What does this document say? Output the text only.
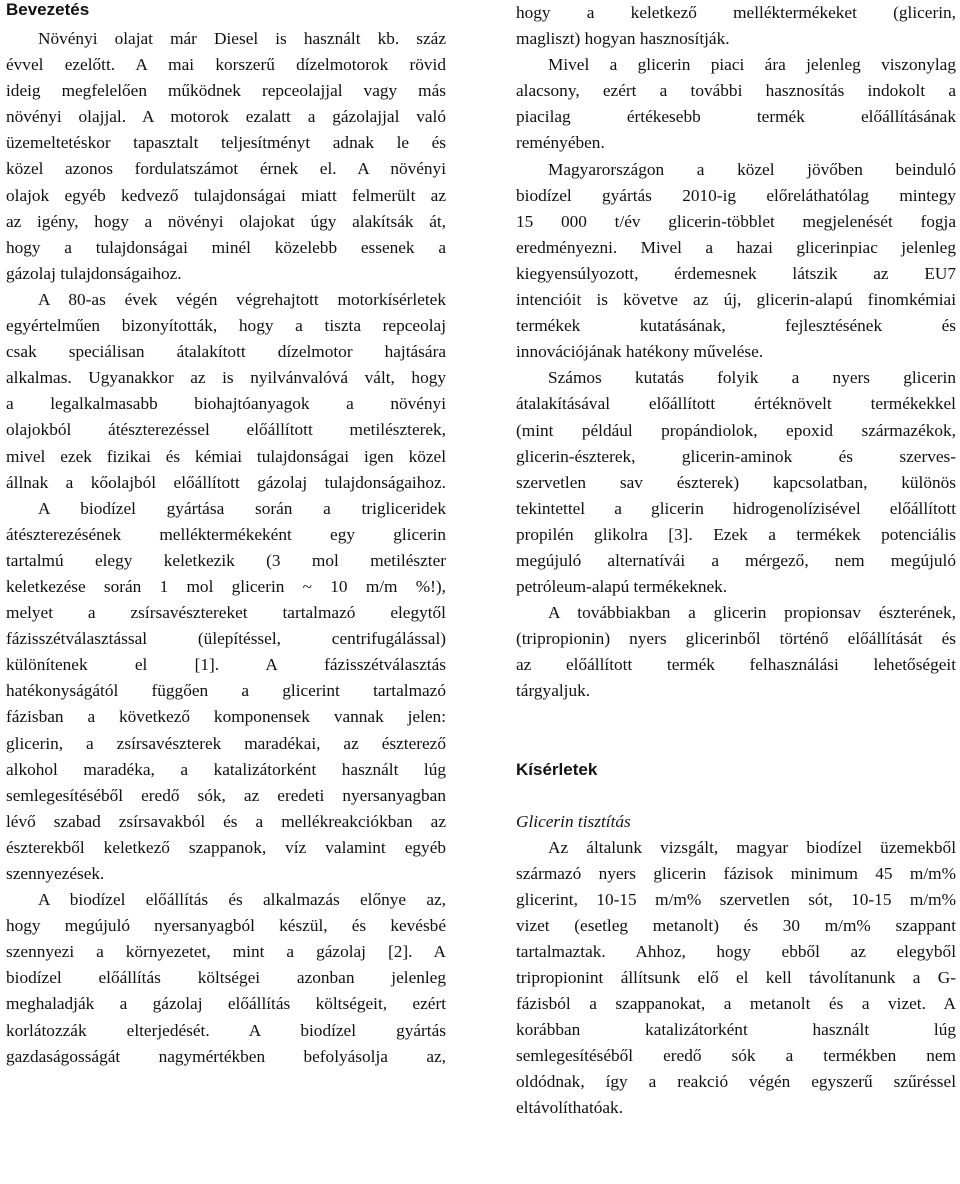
Bevezetés
Növényi olajat már Diesel is használt kb. száz
évvel ezelőtt. A mai korszerű dízelmotorok rövid
ideig megfelelően működnek repceolajjal vagy más
növényi olajjal. A motorok ezalatt a gázolajjal való
üzemeltetéskor tapasztalt teljesítményt adnak le és
közel azonos fordulatszámot érnek el. A növényi
olajok egyéb kedvező tulajdonságai miatt felmerült az
az igény, hogy a növényi olajokat úgy alakítsák át,
hogy a tulajdonságai minél közelebb essenek a
gázolaj tulajdonságaihoz.
A 80-as évek végén végrehajtott motorkísérletek
egyértelműen bizonyították, hogy a tiszta repceolaj
csak speciálisan átalakított dízelmotor hajtására
alkalmas. Ugyanakkor az is nyilvánvalóvá vált, hogy
a legalkalmasabb biohajtóanyagok a növényi
olajokból átészterezéssel előállított metilészterek,
mivel ezek fizikai és kémiai tulajdonságai igen közel
állnak a kőolajból előállított gázolaj tulajdonságaihoz.
A biodízel gyártása során a trigliceridek
átészterezésének melléktermékeként egy glicerin
tartalmú elegy keletkezik (3 mol metilészter
keletkezése során 1 mol glicerin ~ 10 m/m %!),
melyet a zsírsavésztereket tartalmazó elegytől
fázisszétválasztással (ülepítéssel, centrifugálással)
különítenek el [1]. A fázisszétválasztás
hatékonyságától függően a glicerint tartalmazó
fázisban a következő komponensek vannak jelen:
glicerin, a zsírsavészterek maradékai, az észterező
alkohol maradéka, a katalizátorként használt lúg
semlegesítéséből eredő sók, az eredeti nyersanyagban
lévő szabad zsírsavakból és a mellékreakciókban az
észterekből keletkező szappanok, víz valamint egyéb
szennyezések.
A biodízel előállítás és alkalmazás előnye az,
hogy megújuló nyersanyagból készül, és kevésbé
szennyezi a környezetet, mint a gázolaj [2]. A
biodízel előállítás költségei azonban jelenleg
meghaladják a gázolaj előállítás költségeit, ezért
korlátozzák elterjedését. A biodízel gyártás
gazdaságosságát nagymértékben befolyásolja az,
hogy a keletkező melléktermékeket (glicerin,
magliszt) hogyan hasznosítják.
Mivel a glicerin piaci ára jelenleg viszonylag
alacsony, ezért a további hasznosítás indokolt a
piacilag értékesebb termék előállításának
reményében.
Magyarországon a közel jövőben beinduló
biodízel gyártás 2010-ig előreláthatólag mintegy
15 000 t/év glicerin-többlet megjelenését fogja
eredményezni. Mivel a hazai glicerinpiac jelenleg
kiegyensúlyozott, érdemesnek látszik az EU7
intencióit is követve az új, glicerin-alapú finomkémiai
termékek kutatásának, fejlesztésének és
innovációjának hatékony művelése.
Számos kutatás folyik a nyers glicerin
átalakításával előállított értéknövelt termékekkel
(mint például propándiolok, epoxid származékok,
glicerin-észterek, glicerin-aminok és szerves-
szervetlen sav észterek) kapcsolatban, különös
tekintettel a glicerin hidrogenolízisével előállított
propilén glikolra [3]. Ezek a termékek potenciális
megújuló alternatívái a mérgező, nem megújuló
petróleum-alapú termékeknek.
A továbbiakban a glicerin propionsav észterének,
(tripropionin) nyers glicerinből történő előállítását és
az előállított termék felhasználási lehetőségeit
tárgyaljuk.
Kísérletek
Glicerin tisztítás
Az általunk vizsgált, magyar biodízel üzemekből
származó nyers glicerin fázisok minimum 45 m/m%
glicerint, 10-15 m/m% szervetlen sót, 10-15 m/m%
vizet (esetleg metanolt) és 30 m/m% szappant
tartalmaztak. Ahhoz, hogy ebből az elegyből
tripropionint állítsunk elő el kell távolítanunk a G-
fázisból a szappanokat, a metanolt és a vizet. A
korábban katalizátorként használt lúg
semlegesítéséből eredő sók a termékben nem
oldódnak, így a reakció végén egyszerű szűréssel
eltávolíthatóak.
